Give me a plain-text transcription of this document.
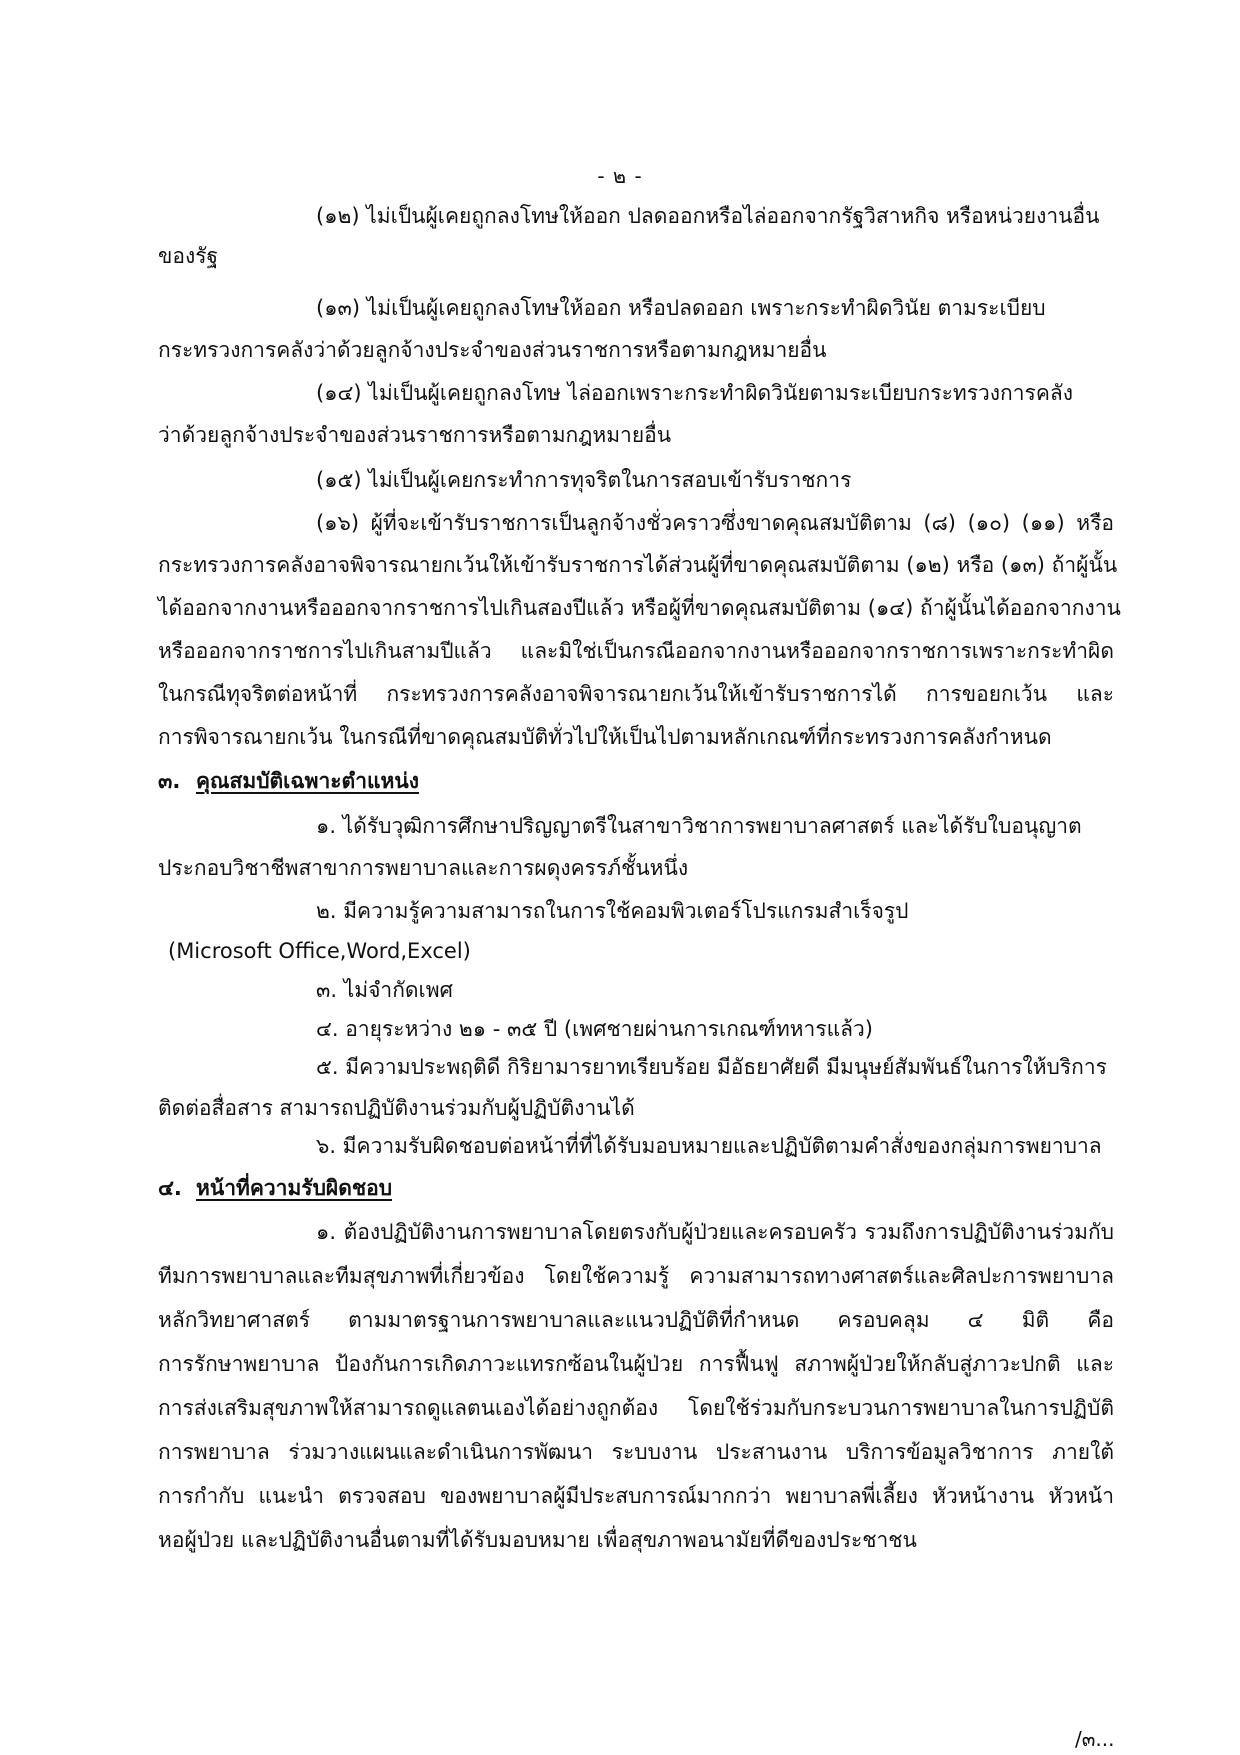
- ๒ -
(๑๒) ไม่เป็นผู้เคยถูกลงโทษให้ออก ปลดออกหรือไล่ออกจากรัฐวิสาหกิจ หรือหน่วยงานอื่น
ของรัฐ
(๑๓) ไม่เป็นผู้เคยถูกลงโทษให้ออก หรือปลดออก เพราะกระทำผิดวินัย ตามระเบียบ
กระทรวงการคลังว่าด้วยลูกจ้างประจำของส่วนราชการหรือตามกฎหมายอื่น
(๑๔) ไม่เป็นผู้เคยถูกลงโทษ ไล่ออกเพราะกระทำผิดวินัยตามระเบียบกระทรวงการคลัง
ว่าด้วยลูกจ้างประจำของส่วนราชการหรือตามกฎหมายอื่น
(๑๕) ไม่เป็นผู้เคยกระทำการทุจริตในการสอบเข้ารับราชการ
(๑๖) ผู้ที่จะเข้ารับราชการเป็นลูกจ้างชั่วคราวซึ่งขาดคุณสมบัติตาม (๘) (๑๐) (๑๑) หรือ
กระทรวงการคลังอาจพิจารณายกเว้นให้เข้ารับราชการได้ส่วนผู้ที่ขาดคุณสมบัติตาม (๑๒) หรือ (๑๓) ถ้าผู้นั้น
ได้ออกจากงานหรือออกจากราชการไปเกินสองปีแล้ว หรือผู้ที่ขาดคุณสมบัติตาม (๑๔) ถ้าผู้นั้นได้ออกจากงาน
หรือออกจากราชการไปเกินสามปีแล้ว และมิใช่เป็นกรณีออกจากงานหรือออกจากราชการเพราะกระทำผิด
ในกรณีทุจริตต่อหน้าที่ กระทรวงการคลังอาจพิจารณายกเว้นให้เข้ารับราชการได้ การขอยกเว้น และ
การพิจารณายกเว้น ในกรณีที่ขาดคุณสมบัติทั่วไปให้เป็นไปตามหลักเกณฑ์ที่กระทรวงการคลังกำหนด
๓. คุณสมบัติเฉพาะตำแหน่ง
๑. ได้รับวุฒิการศึกษาปริญญาตรีในสาขาวิชาการพยาบาลศาสตร์ และได้รับใบอนุญาต
ประกอบวิชาชีพสาขาการพยาบาลและการผดุงครรภ์ชั้นหนึ่ง
๒. มีความรู้ความสามารถในการใช้คอมพิวเตอร์โปรแกรมสำเร็จรูป
(Microsoft Office,Word,Excel)
๓. ไม่จำกัดเพศ
๔. อายุระหว่าง ๒๑ - ๓๕ ปี (เพศชายผ่านการเกณฑ์ทหารแล้ว)
๕. มีความประพฤติดี กิริยามารยาทเรียบร้อย มีอัธยาศัยดี มีมนุษย์สัมพันธ์ในการให้บริการ
ติดต่อสื่อสาร สามารถปฏิบัติงานร่วมกับผู้ปฏิบัติงานได้
๖. มีความรับผิดชอบต่อหน้าที่ที่ได้รับมอบหมายและปฏิบัติตามคำสั่งของกลุ่มการพยาบาล
๔. หน้าที่ความรับผิดชอบ
๑. ต้องปฏิบัติงานการพยาบาลโดยตรงกับผู้ป่วยและครอบครัว รวมถึงการปฏิบัติงานร่วมกับ
ทีมการพยาบาลและทีมสุขภาพที่เกี่ยวข้อง โดยใช้ความรู้ ความสามารถทางศาสตร์และศิลปะการพยาบาล
หลักวิทยาศาสตร์ ตามมาตรฐานการพยาบาลและแนวปฏิบัติที่กำหนด ครอบคลุม ๔ มิติ คือ
การรักษาพยาบาล ป้องกันการเกิดภาวะแทรกซ้อนในผู้ป่วย การฟื้นฟู สภาพผู้ป่วยให้กลับสู่ภาวะปกติ และ
การส่งเสริมสุขภาพให้สามารถดูแลตนเองได้อย่างถูกต้อง โดยใช้ร่วมกับกระบวนการพยาบาลในการปฏิบัติ
การพยาบาล ร่วมวางแผนและดำเนินการพัฒนา ระบบงาน ประสานงาน บริการข้อมูลวิชาการ ภายใต้
การกำกับ แนะนำ ตรวจสอบ ของพยาบาลผู้มีประสบการณ์มากกว่า พยาบาลพี่เลี้ยง หัวหน้างาน หัวหน้า
หอผู้ป่วย และปฏิบัติงานอื่นตามที่ได้รับมอบหมาย เพื่อสุขภาพอนามัยที่ดีของประชาชน
/๓...
